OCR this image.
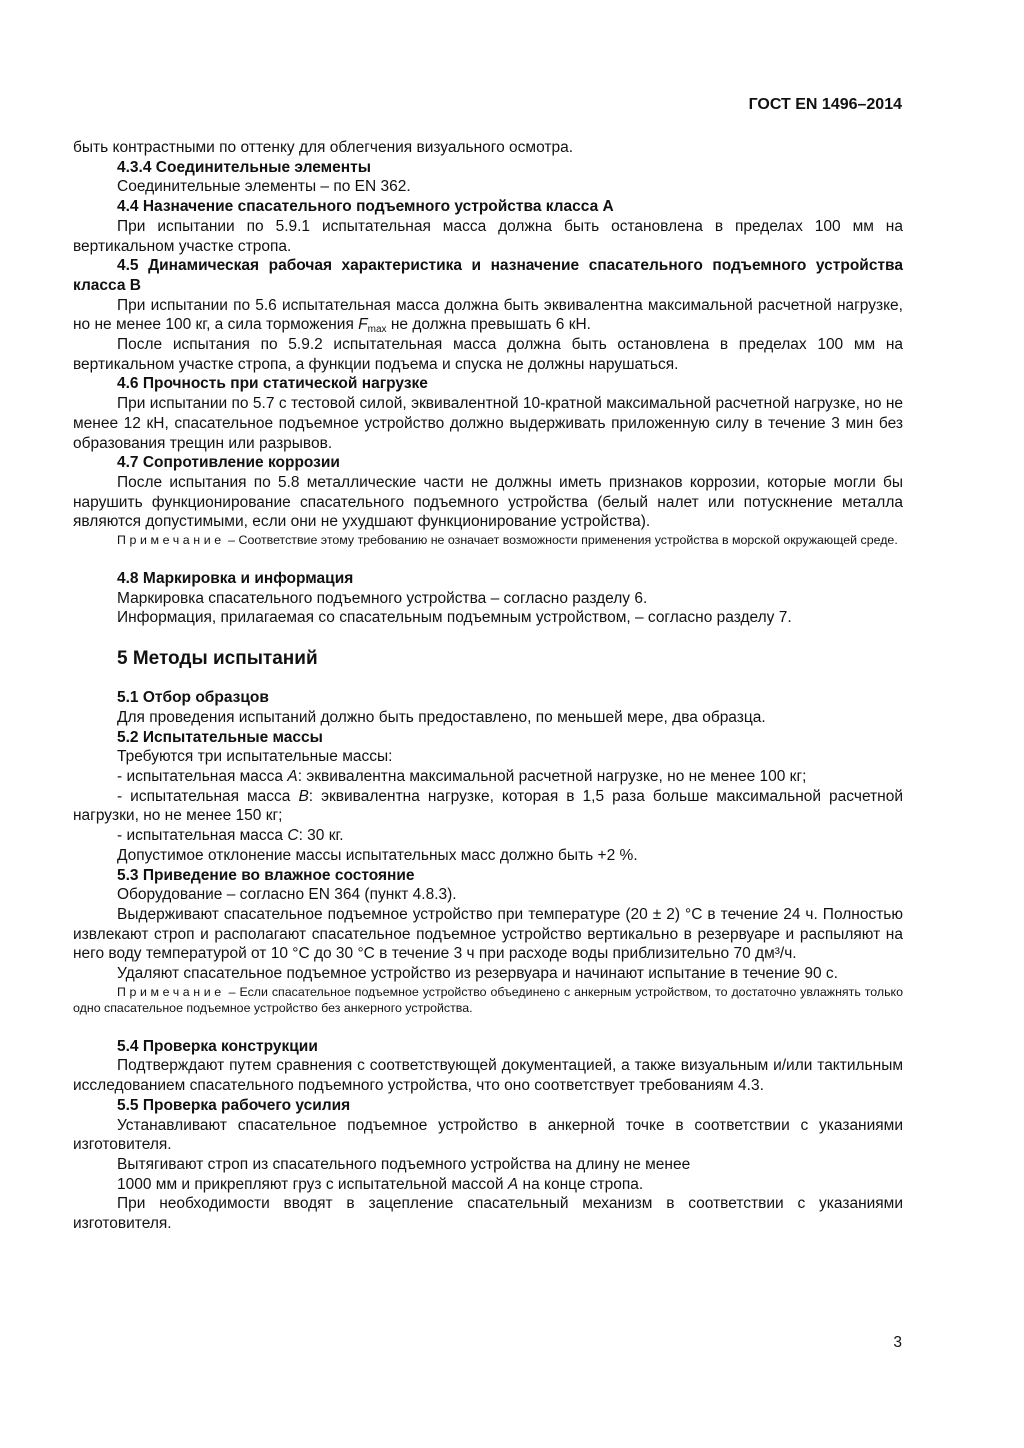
ГОСТ EN 1496–2014

быть контрастными по оттенку для облегчения визуального осмотра.

4.3.4 Соединительные элементы

Соединительные элементы – по EN 362.

4.4 Назначение спасательного подъемного устройства класса А

При испытании по 5.9.1 испытательная масса должна быть остановлена в пределах 100 мм на вертикальном участке стропа.

4.5 Динамическая рабочая характеристика и назначение спасательного подъемного устройства класса В

При испытании по 5.6 испытательная масса должна быть эквивалентна максимальной расчетной нагрузке, но не менее 100 кг, а сила торможения $F_{max}$ не должна превышать 6 кН.

После испытания по 5.9.2 испытательная масса должна быть остановлена в пределах 100 мм на вертикальном участке стропа, а функции подъема и спуска не должны нарушаться.

4.6 Прочность при статической нагрузке

При испытании по 5.7 с тестовой силой, эквивалентной 10-кратной максимальной расчетной нагрузке, но не менее 12 кН, спасательное подъемное устройство должно выдерживать приложенную силу в течение 3 мин без образования трещин или разрывов.

4.7 Сопротивление коррозии

После испытания по 5.8 металлические части не должны иметь признаков коррозии, которые могли бы нарушить функционирование спасательного подъемного устройства (белый налет или потускнение металла являются допустимыми, если они не ухудшают функционирование устройства).

Примечание – Соответствие этому требованию не означает возможности применения устройства в морской окружающей среде.

4.8 Маркировка и информация

Маркировка спасательного подъемного устройства – согласно разделу 6.

Информация, прилагаемая со спасательным подъемным устройством, – согласно разделу 7.

5 Методы испытаний

5.1 Отбор образцов

Для проведения испытаний должно быть предоставлено, по меньшей мере, два образца.

5.2 Испытательные массы

Требуются три испытательные массы:

- испытательная масса А: эквивалентна максимальной расчетной нагрузке, но не менее 100 кг;

- испытательная масса В: эквивалентна нагрузке, которая в 1,5 раза больше максимальной расчетной нагрузки, но не менее 150 кг;

- испытательная масса С: 30 кг.

Допустимое отклонение массы испытательных масс должно быть +2 %.

5.3 Приведение во влажное состояние

Оборудование – согласно EN 364 (пункт 4.8.3).

Выдерживают спасательное подъемное устройство при температуре (20 ± 2) °С в течение 24 ч. Полностью извлекают строп и располагают спасательное подъемное устройство вертикально в резервуаре и распыляют на него воду температурой от 10 °С до 30 °С в течение 3 ч при расходе воды приблизительно 70 дм³/ч.

Удаляют спасательное подъемное устройство из резервуара и начинают испытание в течение 90 с.

Примечание – Если спасательное подъемное устройство объединено с анкерным устройством, то достаточно увлажнять только одно спасательное подъемное устройство без анкерного устройства.

5.4 Проверка конструкции

Подтверждают путем сравнения с соответствующей документацией, а также визуальным и/или тактильным исследованием спасательного подъемного устройства, что оно соответствует требованиям 4.3.

5.5 Проверка рабочего усилия

Устанавливают спасательное подъемное устройство в анкерной точке в соответствии с указаниями изготовителя.

Вытягивают строп из спасательного подъемного устройства на длину не менее

1000 мм и прикрепляют груз с испытательной массой А на конце стропа.

При необходимости вводят в зацепление спасательный механизм в соответствии с указаниями изготовителя.

3
